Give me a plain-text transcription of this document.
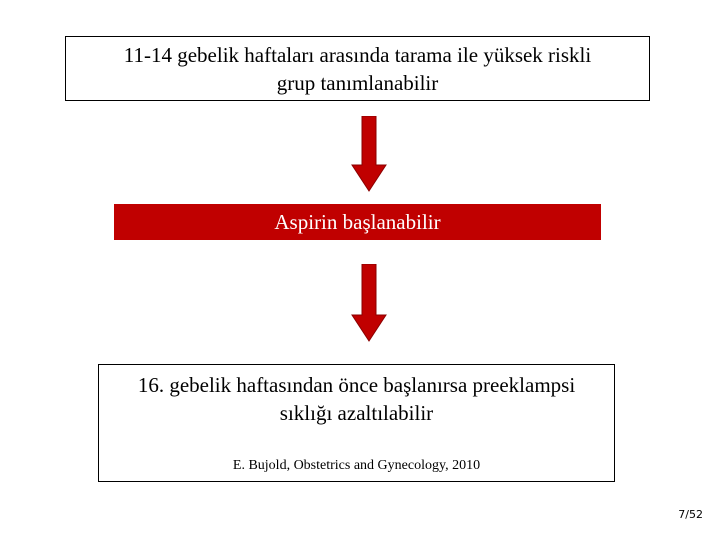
11-14 gebelik haftaları arasında tarama ile yüksek riskli
grup tanımlanabilir
Aspirin başlanabilir
16. gebelik haftasından önce başlanırsa preeklampsi
sıklığı azaltılabilir
E. Bujold, Obstetrics and Gynecology, 2010
7/52
